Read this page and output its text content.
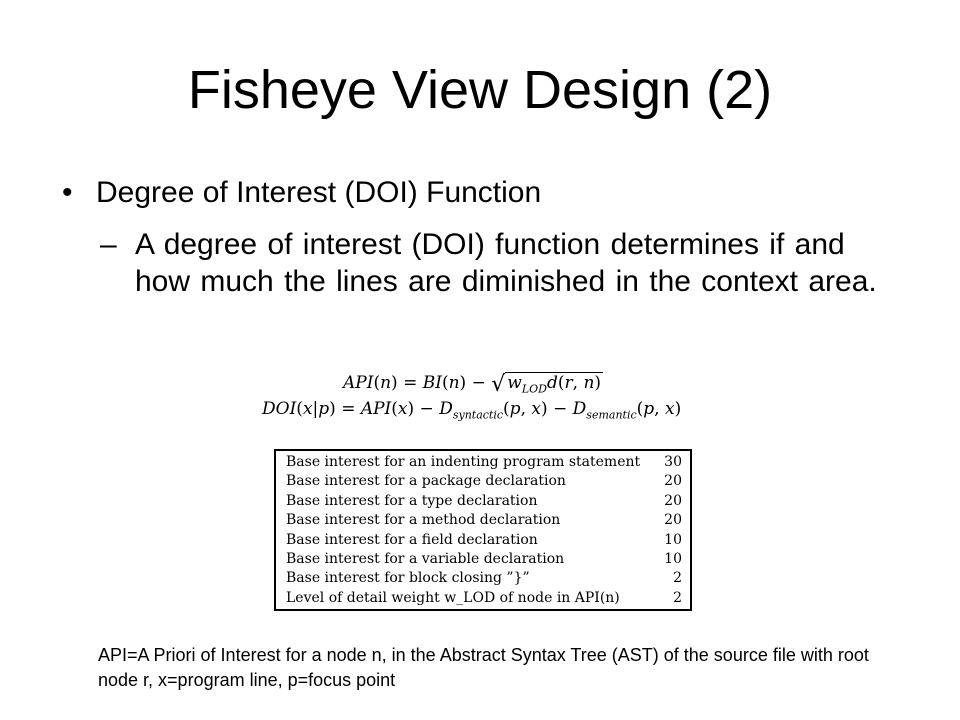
Fisheye View Design (2)
• Degree of Interest (DOI) Function
– A degree of interest (DOI) function determines if and how much the lines are diminished in the context area.
API(n) = BI(n) − √ $w_{LOD}d(r$, n)
$DOI(x|p) = API(x) - D_{syntactic}(p$, $x) - D_{semantic}(p$, x)
Base interest for an indenting program statement	30
Base interest for a package declaration	20
Base interest for a type declaration	20
Base interest for a method declaration	20
Base interest for a field declaration	10
Base interest for a variable declaration	10
Base interest for block closing ”}”	2
Level of detail weight w_LOD of node in API(n)	2
API=A Priori of Interest for a node n, in the Abstract Syntax Tree (AST) of the source file with root node r, x=program line, p=focus point
